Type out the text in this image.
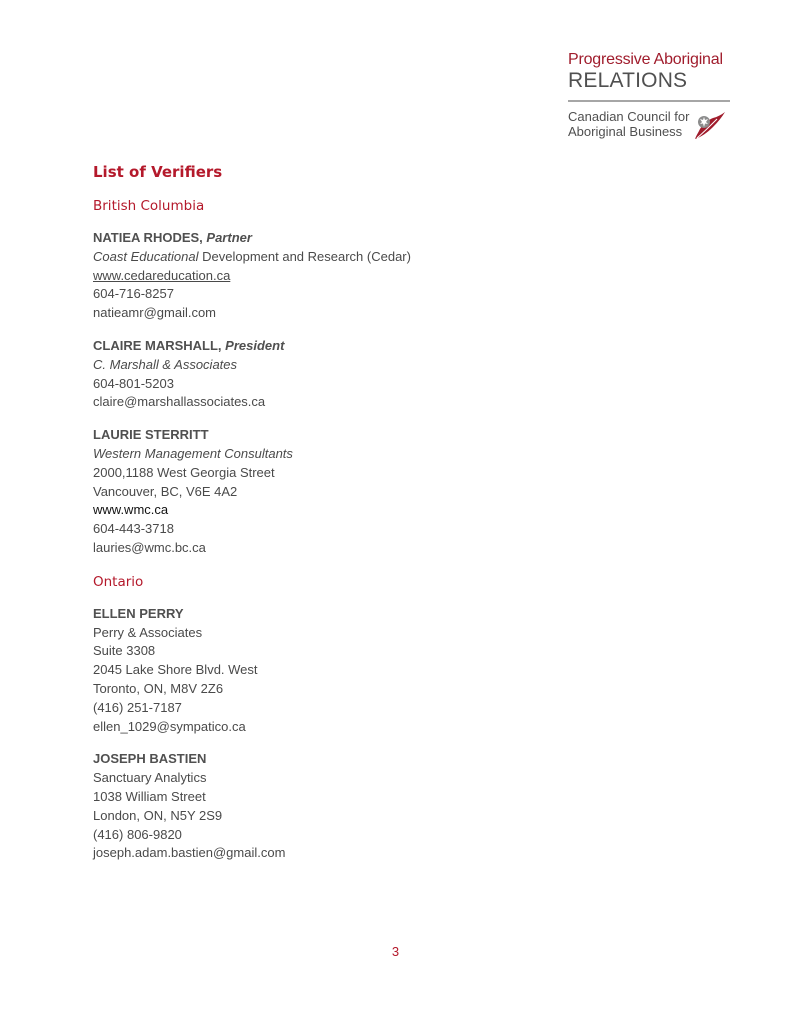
Progressive Aboriginal
RELATIONS
Canadian Council for
Aboriginal Business
List of Verifiers
British Columbia
NATIEA RHODES, Partner
Coast Educational Development and Research (Cedar)
www.cedareducation.ca
604-716-8257
natieamr@gmail.com
CLAIRE MARSHALL, President
C. Marshall & Associates
604-801-5203
claire@marshallassociates.ca
LAURIE STERRITT
Western Management Consultants
2000,1188 West Georgia Street
Vancouver, BC, V6E 4A2
www.wmc.ca
604-443-3718
lauries@wmc.bc.ca
Ontario
ELLEN PERRY
Perry & Associates
Suite 3308
2045 Lake Shore Blvd. West
Toronto, ON, M8V 2Z6
(416) 251-7187
ellen_1029@sympatico.ca
JOSEPH BASTIEN
Sanctuary Analytics
1038 William Street
London, ON, N5Y 2S9
(416) 806-9820
joseph.adam.bastien@gmail.com
3
